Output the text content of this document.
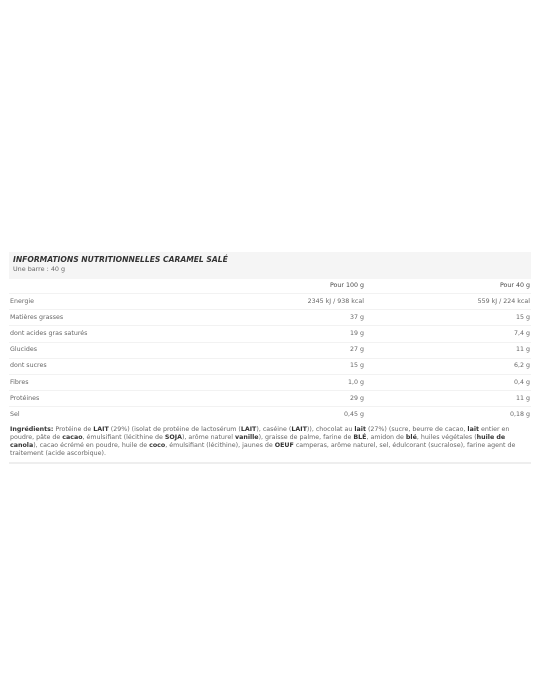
INFORMATIONS NUTRITIONNELLES CARAMEL SALÉ
Une barre : 40 g
	Pour 100 g	Pour 40 g
Energie	2345 kJ / 938 kcal	559 kJ / 224 kcal
Matières grasses	37 g	15 g
dont acides gras saturés	19 g	7,4 g
Glucides	27 g	11 g
dont sucres	15 g	6,2 g
Fibres	1,0 g	0,4 g
Protéines	29 g	11 g
Sel	0,45 g	0,18 g
Ingrédients: Protéine de LAIT (29%) (isolat de protéine de lactosérum (LAIT), caséine (LAIT)), chocolat au lait (27%) (sucre, beurre de cacao, lait entier en poudre, pâte de cacao, émulsifiant (lécithine de SOJA), arôme naturel vanille), graisse de palme, farine de BLÉ, amidon de blé, huiles végétales (huile de canola), cacao écrémé en poudre, huile de coco, émulsifiant (lécithine), jaunes de OEUF camperas, arôme naturel, sel, édulcorant (sucralose), farine agent de traitement (acide ascorbique).
